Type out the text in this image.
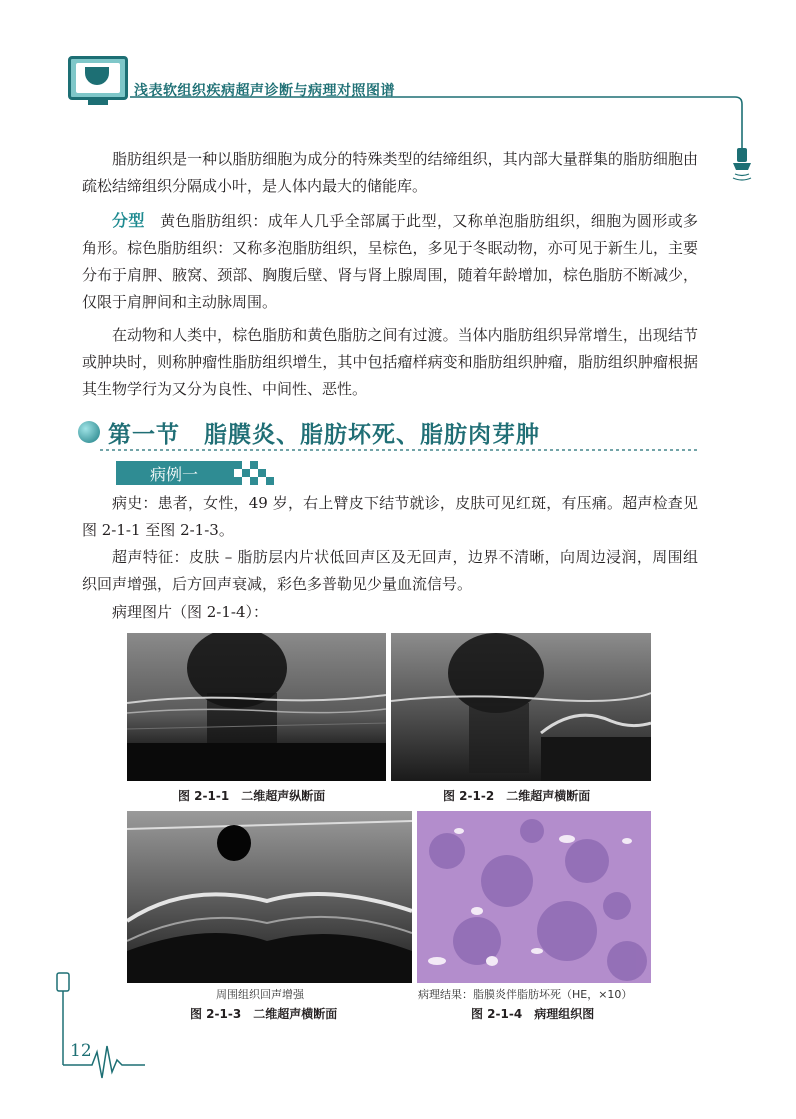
浅表软组织疾病超声诊断与病理对照图谱

脂肪组织是一种以脂肪细胞为成分的特殊类型的结缔组织，其内部大量群集的脂肪细胞由疏松结缔组织分隔成小叶，是人体内最大的储能库。

分型　黄色脂肪组织：成年人几乎全部属于此型，又称单泡脂肪组织，细胞为圆形或多角形。棕色脂肪组织：又称多泡脂肪组织，呈棕色，多见于冬眠动物，亦可见于新生儿，主要分布于肩胛、腋窝、颈部、胸腹后壁、肾与肾上腺周围，随着年龄增加，棕色脂肪不断减少，仅限于肩胛间和主动脉周围。

在动物和人类中，棕色脂肪和黄色脂肪之间有过渡。当体内脂肪组织异常增生，出现结节或肿块时，则称肿瘤性脂肪组织增生，其中包括瘤样病变和脂肪组织肿瘤，脂肪组织肿瘤根据其生物学行为又分为良性、中间性、恶性。

第一节　脂膜炎、脂肪坏死、脂肪肉芽肿
病例一

病史：患者，女性，49 岁，右上臂皮下结节就诊，皮肤可见红斑，有压痛。超声检查见图 2-1-1 至图 2-1-3。

超声特征：皮肤 – 脂肪层内片状低回声区及无回声，边界不清晰，向周边浸润，周围组织回声增强，后方回声衰减，彩色多普勒见少量血流信号。

病理图片（图 2-1-4）：

图 2-1-1　二维超声纵断面	图 2-1-2　二维超声横断面
周围组织回声增强
图 2-1-3　二维超声横断面
病理结果：脂膜炎伴脂肪坏死（HE，×10）
图 2-1-4　病理组织图
12
